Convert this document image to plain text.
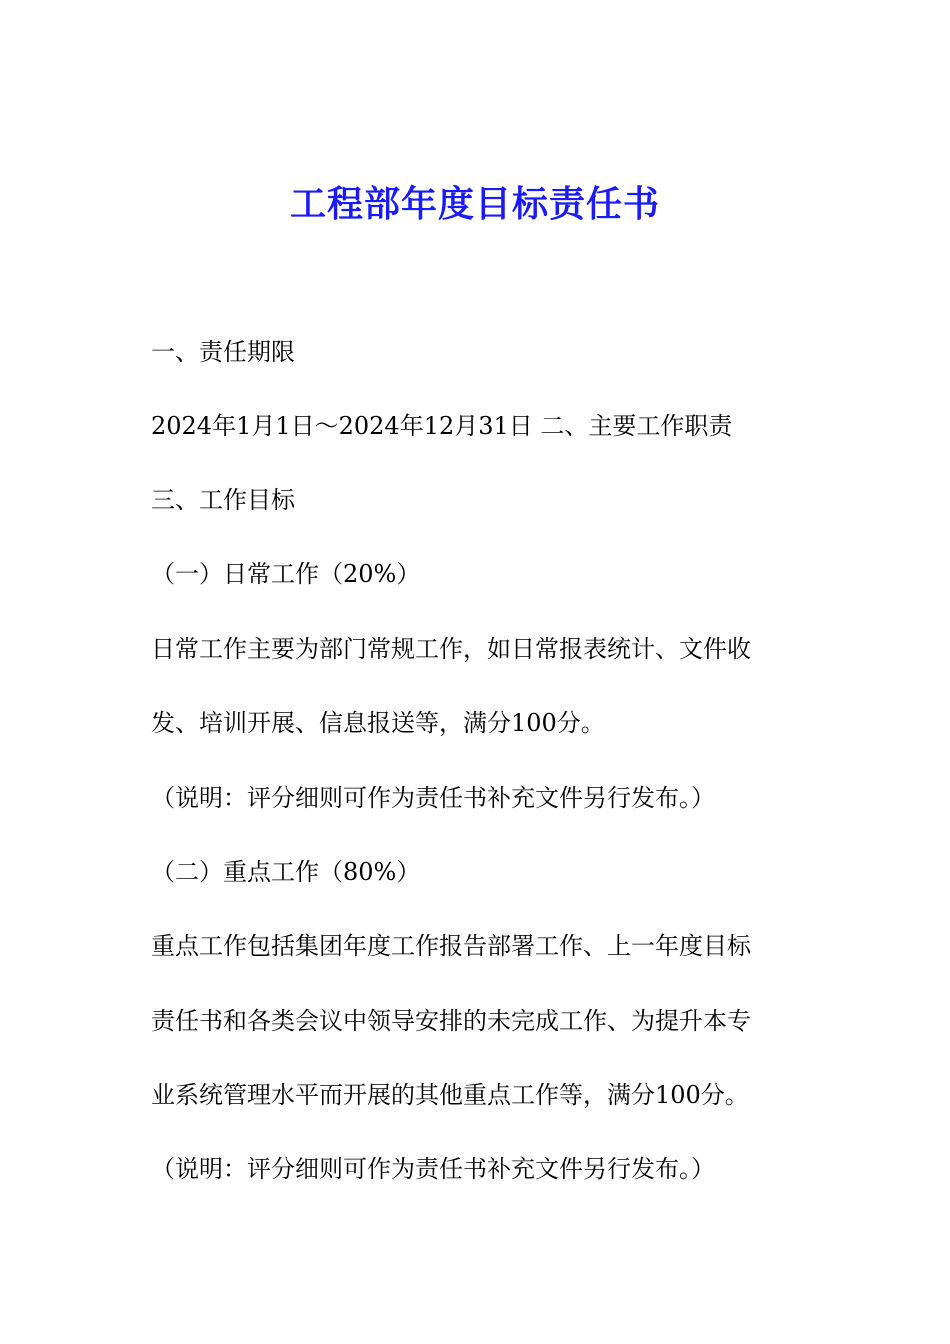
工程部年度目标责任书
一、责任期限
2024年1月1日～2024年12月31日 二、主要工作职责
三、工作目标
（一）日常工作（20%）
日常工作主要为部门常规工作，如日常报表统计、文件收
发、培训开展、信息报送等，满分100分。
（说明：评分细则可作为责任书补充文件另行发布。）
（二）重点工作（80%）
重点工作包括集团年度工作报告部署工作、上一年度目标
责任书和各类会议中领导安排的未完成工作、为提升本专
业系统管理水平而开展的其他重点工作等，满分100分。
（说明：评分细则可作为责任书补充文件另行发布。）
